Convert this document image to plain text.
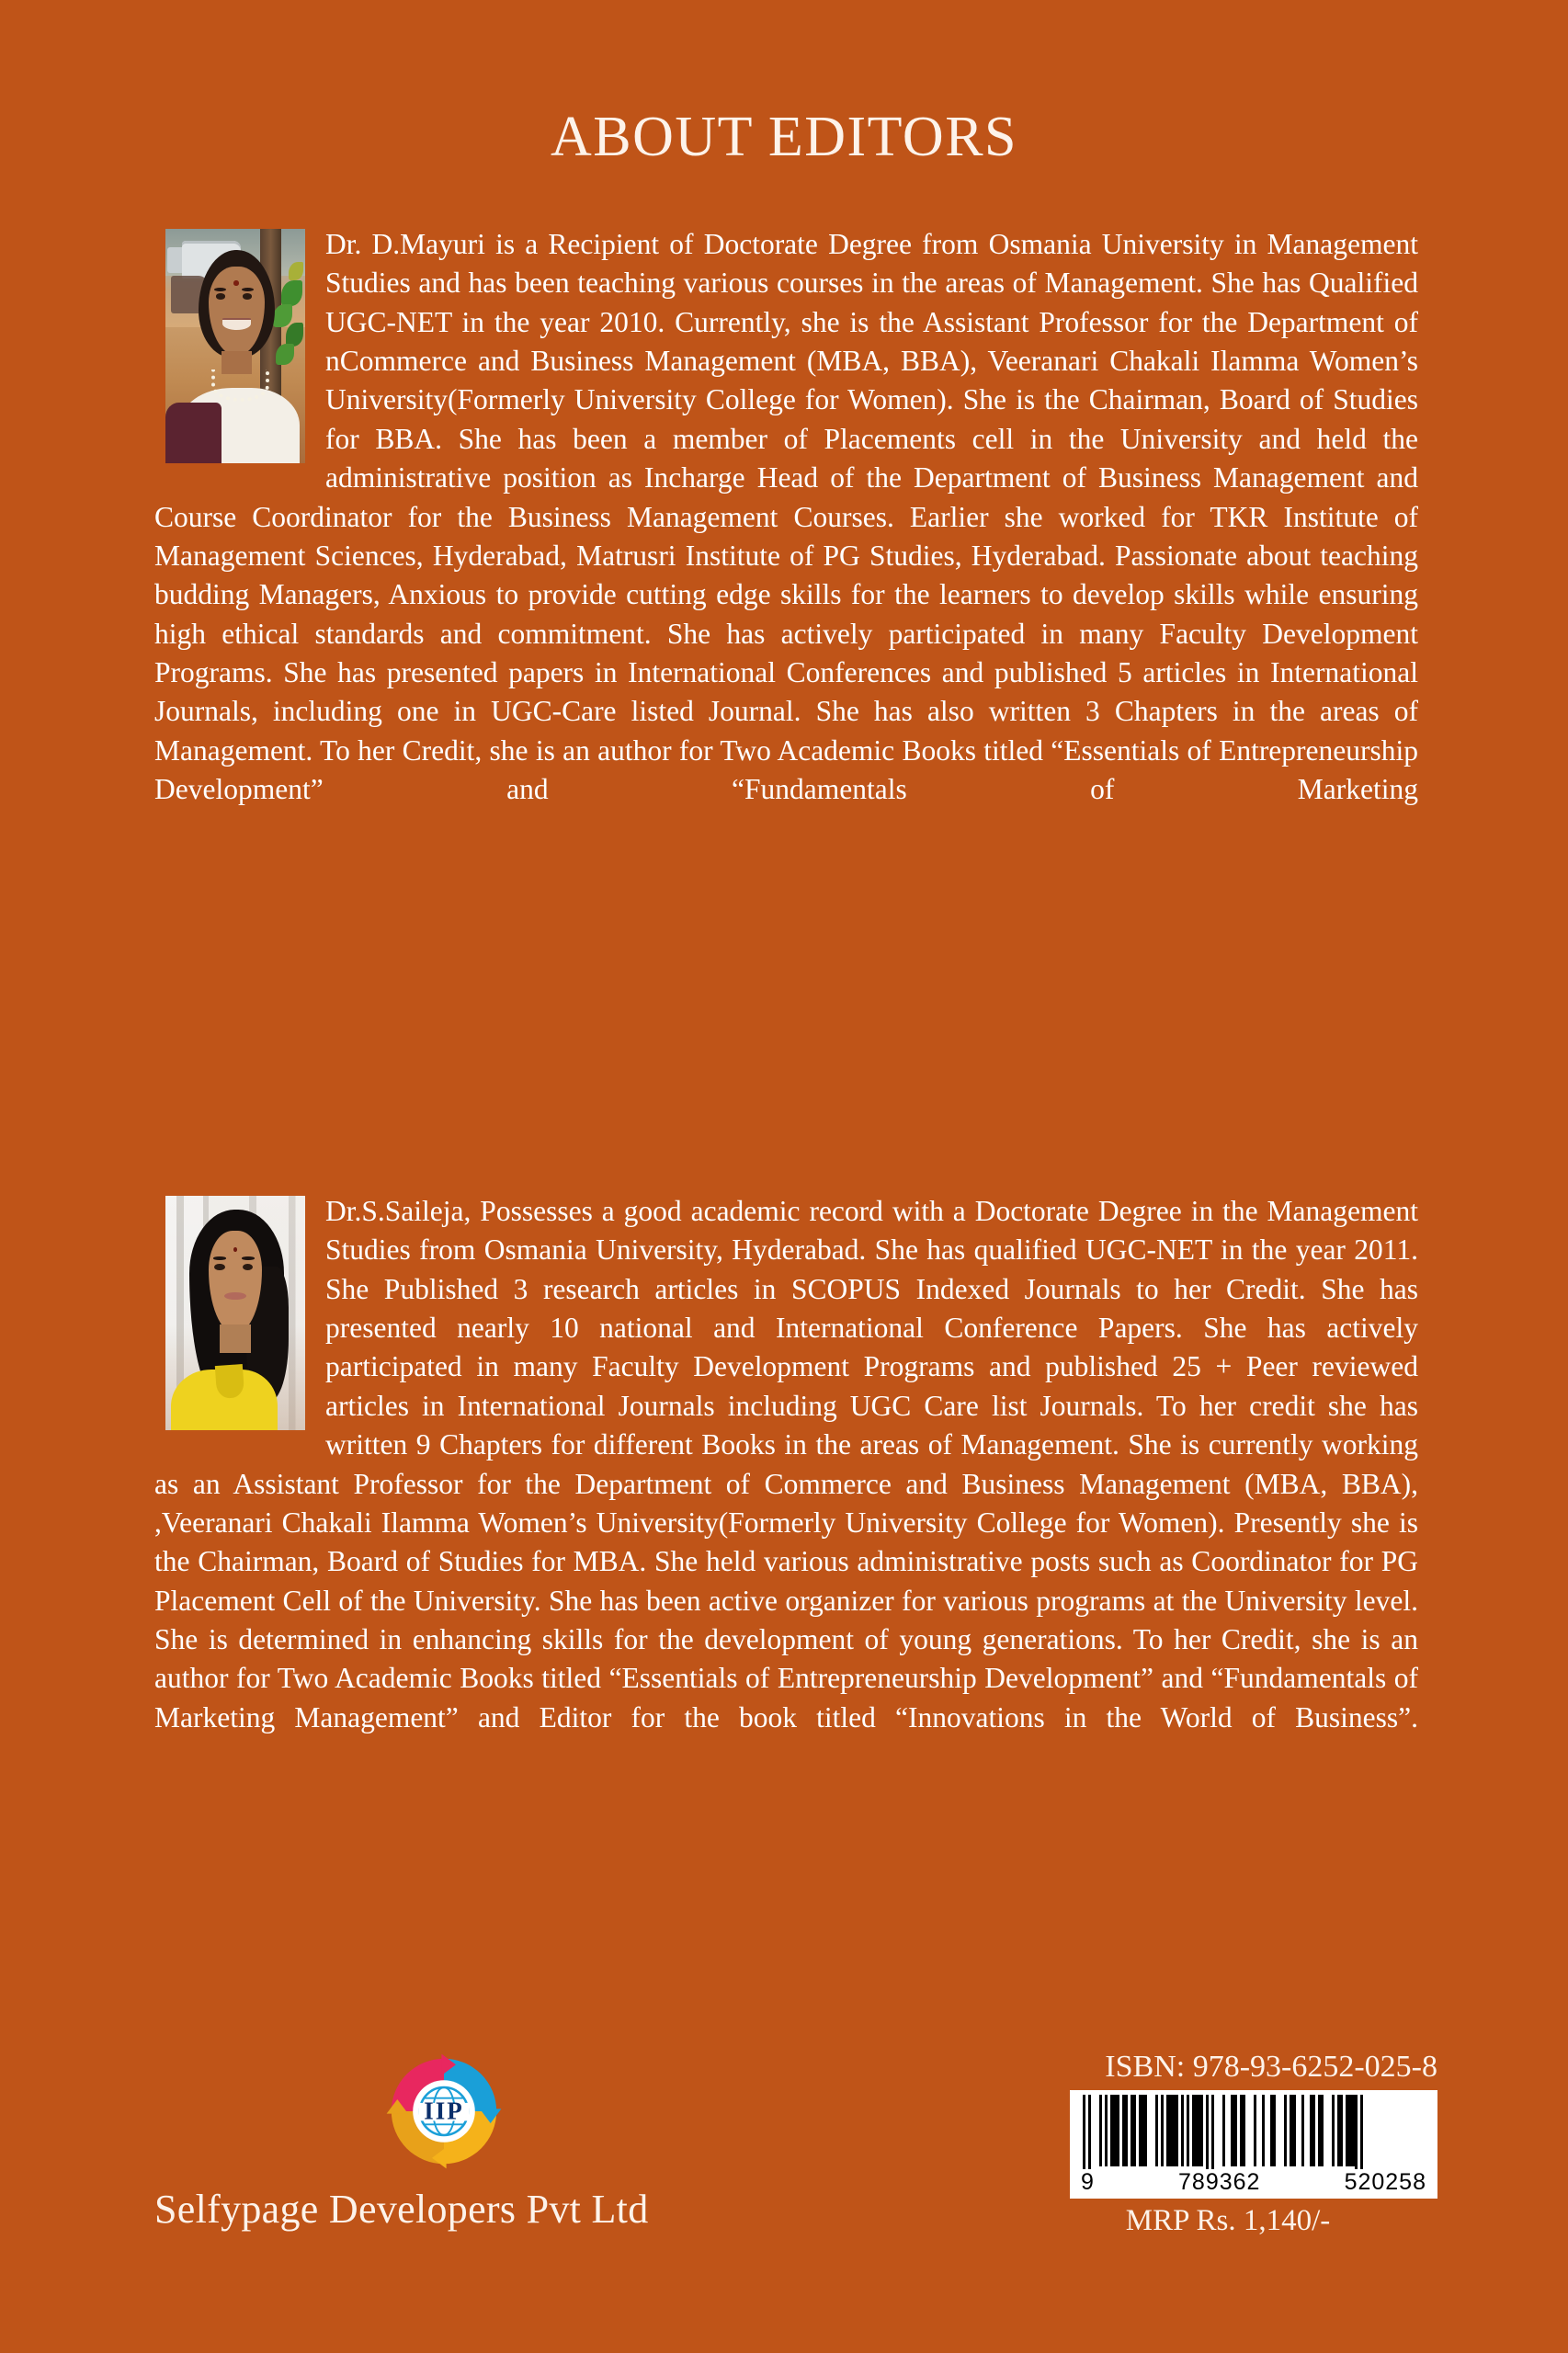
ABOUT EDITORS

Dr. D.Mayuri is a Recipient of Doctorate Degree from Osmania University in Management Studies and has been teaching various courses in the areas of Management. She has Qualified UGC-NET in the year 2010. Currently, she is the Assistant Professor for the Department of nCommerce and Business Management (MBA, BBA), Veeranari Chakali Ilamma Women’s University(Formerly University College for Women). She is the Chairman, Board of Studies for BBA. She has been a member of Placements cell in the University and held the administrative position as Incharge Head of the Department of Business Management and Course Coordinator for the Business Management Courses. Earlier she worked for TKR Institute of Management Sciences, Hyderabad, Matrusri Institute of PG Studies, Hyderabad. Passionate about teaching budding Managers, Anxious to provide cutting edge skills for the learners to develop skills while ensuring high ethical standards and commitment. She has actively participated in many Faculty Development Programs. She has presented papers in International Conferences and published 5 articles in International Journals, including one in UGC-Care listed Journal. She has also written 3 Chapters in the areas of Management. To her Credit, she is an author for Two Academic Books titled “Essentials of Entrepreneurship Development” and “Fundamentals of Marketing

Dr.S.Saileja, Possesses a good academic record with a Doctorate Degree in the Management Studies from Osmania University, Hyderabad. She has qualified UGC-NET in the year 2011. She Published 3 research articles in SCOPUS Indexed Journals to her Credit. She has presented nearly 10 national and International Conference Papers. She has actively participated in many Faculty Development Programs and published 25 + Peer reviewed articles in International Journals including UGC Care list Journals. To her credit she has written 9 Chapters for different Books in the areas of Management. She is currently working as an Assistant Professor for the Department of Commerce and Business Management (MBA, BBA), ,Veeranari Chakali Ilamma Women’s University(Formerly University College for Women). Presently she is the Chairman, Board of Studies for MBA. She held various administrative posts such as Coordinator for PG Placement Cell of the University. She has been active organizer for various programs at the University level. She is determined in enhancing skills for the development of young generations. To her Credit, she is an author for Two Academic Books titled “Essentials of Entrepreneurship Development” and “Fundamentals of Marketing Management” and Editor for the book titled “Innovations in the World of Business”.

IIP
Selfypage Developers Pvt Ltd
ISBN: 978-93-6252-025-8
9	789362	520258
MRP Rs. 1,140/-
